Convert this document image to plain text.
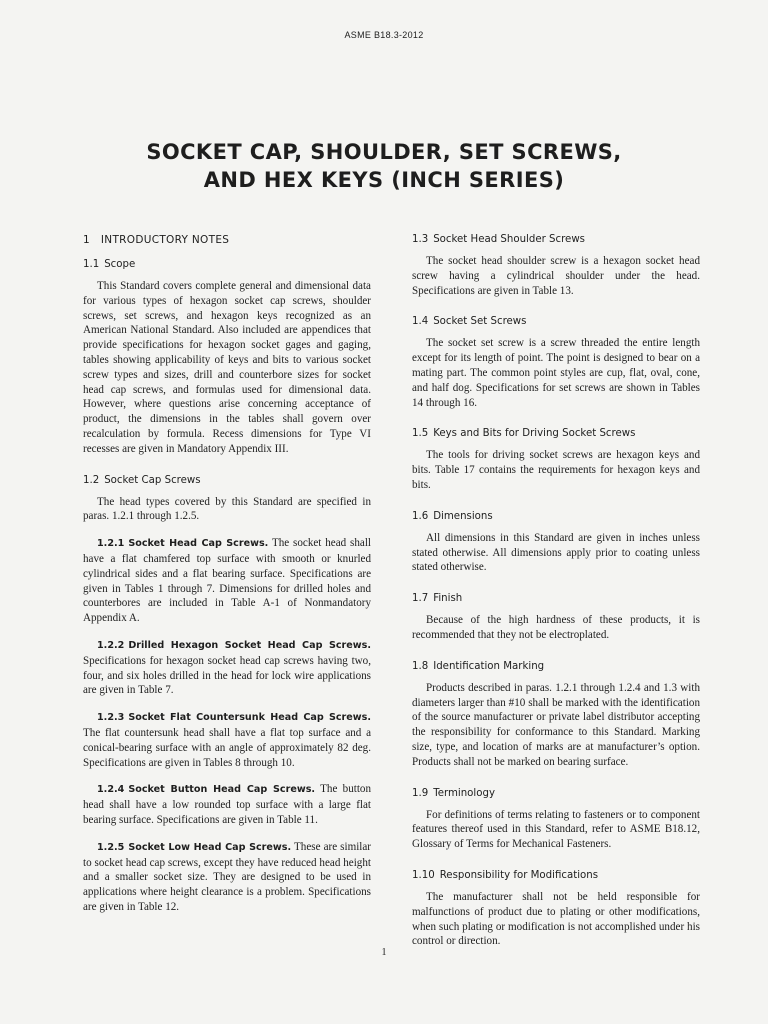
ASME B18.3-2012
SOCKET CAP, SHOULDER, SET SCREWS,
AND HEX KEYS (INCH SERIES)
1 INTRODUCTORY NOTES
1.1 Scope

This Standard covers complete general and dimensional data for various types of hexagon socket cap screws, shoulder screws, set screws, and hexagon keys recognized as an American National Standard. Also included are appendices that provide specifications for hexagon socket gages and gaging, tables showing applicability of keys and bits to various socket screw types and sizes, drill and counterbore sizes for socket head cap screws, and formulas used for dimensional data. However, where questions arise concerning acceptance of product, the dimensions in the tables shall govern over recalculation by formula. Recess dimensions for Type VI recesses are given in Mandatory Appendix III.

1.2 Socket Cap Screws

The head types covered by this Standard are specified in paras. 1.2.1 through 1.2.5.

1.2.1 Socket Head Cap Screws. The socket head shall have a flat chamfered top surface with smooth or knurled cylindrical sides and a flat bearing surface. Specifications are given in Tables 1 through 7. Dimensions for drilled holes and counterbores are included in Table A-1 of Nonmandatory Appendix A.

1.2.2 Drilled Hexagon Socket Head Cap Screws. Specifications for hexagon socket head cap screws having two, four, and six holes drilled in the head for lock wire applications are given in Table 7.

1.2.3 Socket Flat Countersunk Head Cap Screws. The flat countersunk head shall have a flat top surface and a conical-bearing surface with an angle of approximately 82 deg. Specifications are given in Tables 8 through 10.

1.2.4 Socket Button Head Cap Screws. The button head shall have a low rounded top surface with a large flat bearing surface. Specifications are given in Table 11.

1.2.5 Socket Low Head Cap Screws. These are similar to socket head cap screws, except they have reduced head height and a smaller socket size. They are designed to be used in applications where height clearance is a problem. Specifications are given in Table 12.

1.3 Socket Head Shoulder Screws

The socket head shoulder screw is a hexagon socket head screw having a cylindrical shoulder under the head. Specifications are given in Table 13.

1.4 Socket Set Screws

The socket set screw is a screw threaded the entire length except for its length of point. The point is designed to bear on a mating part. The common point styles are cup, flat, oval, cone, and half dog. Specifications for set screws are shown in Tables 14 through 16.

1.5 Keys and Bits for Driving Socket Screws

The tools for driving socket screws are hexagon keys and bits. Table 17 contains the requirements for hexagon keys and bits.

1.6 Dimensions

All dimensions in this Standard are given in inches unless stated otherwise. All dimensions apply prior to coating unless stated otherwise.

1.7 Finish

Because of the high hardness of these products, it is recommended that they not be electroplated.

1.8 Identification Marking

Products described in paras. 1.2.1 through 1.2.4 and 1.3 with diameters larger than #10 shall be marked with the identification of the source manufacturer or private label distributor accepting the responsibility for conformance to this Standard. Marking size, type, and location of marks are at manufacturer’s option. Products shall not be marked on bearing surface.

1.9 Terminology

For definitions of terms relating to fasteners or to component features thereof used in this Standard, refer to ASME B18.12, Glossary of Terms for Mechanical Fasteners.

1.10 Responsibility for Modifications

The manufacturer shall not be held responsible for malfunctions of product due to plating or other modifications, when such plating or modification is not accomplished under his control or direction.

1
